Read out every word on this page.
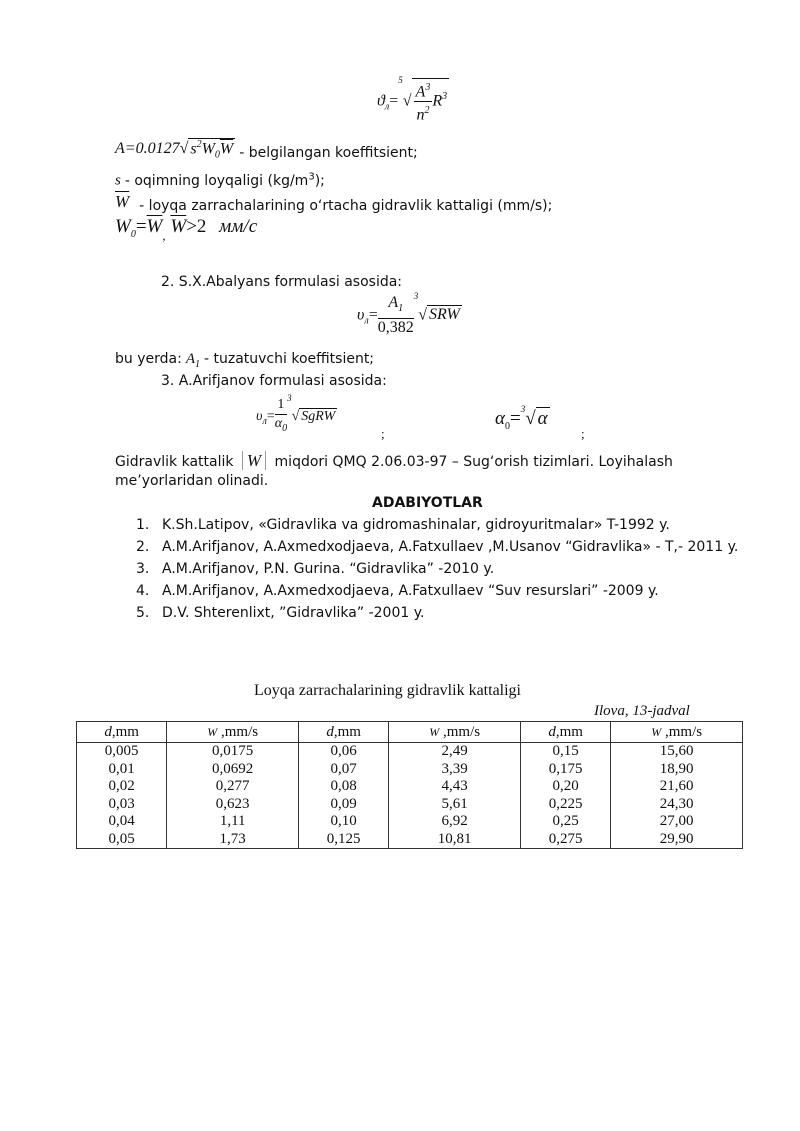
$ϑ_л=^5√ \frac{A^3}{n^2} R^3$
A=0.0127√ $s^2W_0\overline{W}$ - belgilangan koeffitsient;
s - oqimning loyqaligi $(kg/m^3)$;
$\overline{W}$ - loyqa zarrachalarining o‘rtacha gidravlik kattaligi (mm/s);
$W_0=\overline{W}_,$ $\overline{W}>2$ мм/с
2. S.X.Abalyans formulasi asosida:
$\upsilon_л= \frac{A_1}{0,382} ^3√$ SRW
bu yerda: $A_1$ - tuzatuvchi koeffitsient;
3. A.Arifjanov formulasi asosida:
$\upsilon_л= \frac{1}{\alpha_0} ^3√$ SgRW
;
$\alpha_0=^3√$ α
;
Gidravlik kattalik W miqdori QMQ 2.06.03-97 – Sug‘orish tizimlari. Loyihalash
me’yorlaridan olinadi.
ADABIYOTLAR
1. K.Sh.Latipov, «Gidravlika va gidromashinalar, gidroyuritmalar» T-1992 y.
2. A.M.Arifjanov, A.Axmedxodjaeva, A.Fatxullaev ,M.Usanov “Gidravlika» - T,- 2011 y.
3. A.M.Arifjanov, P.N. Gurina. “Gidravlika” -2010 y.
4. A.M.Arifjanov, A.Axmedxodjaeva, A.Fatxullaev “Suv resurslari” -2009 y.
5. D.V. Shterenlixt, ”Gidravlika” -2001 y.
Loyqa zarrachalarining gidravlik kattaligi
Ilova, 13-jadval
d,mm	W ,mm/s	d,mm	W ,mm/s	d,mm	W ,mm/s
0,005	0,0175	0,06	2,49	0,15	15,60
0,01	0,0692	0,07	3,39	0,175	18,90
0,02	0,277	0,08	4,43	0,20	21,60
0,03	0,623	0,09	5,61	0,225	24,30
0,04	1,11	0,10	6,92	0,25	27,00
0,05	1,73	0,125	10,81	0,275	29,90
